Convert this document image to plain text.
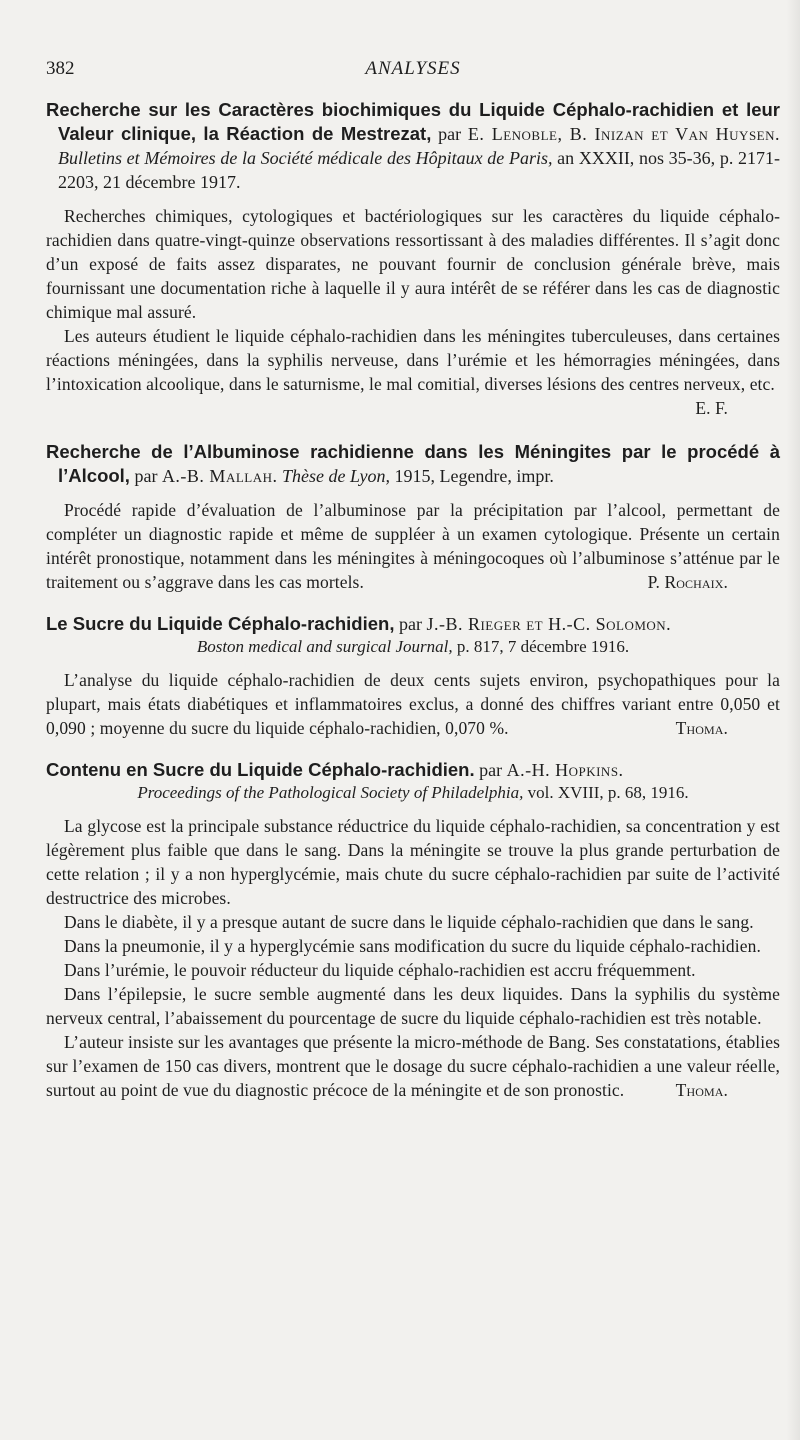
382	ANALYSES
Recherche sur les Caractères biochimiques du Liquide Céphalo-rachidien et leur Valeur clinique, la Réaction de Mestrezat, par E. Lenoble, B. Inizan et Van Huysen. Bulletins et Mémoires de la Société médicale des Hôpitaux de Paris, an XXXII, nos 35-36, p. 2171-2203, 21 décembre 1917.

Recherches chimiques, cytologiques et bactériologiques sur les caractères du liquide céphalo-rachidien dans quatre-vingt-quinze observations ressortissant à des maladies différentes. Il s’agit donc d’un exposé de faits assez disparates, ne pouvant fournir de conclusion générale brève, mais fournissant une documentation riche à laquelle il y aura intérêt de se référer dans les cas de diagnostic chimique mal assuré.

Les auteurs étudient le liquide céphalo-rachidien dans les méningites tuberculeuses, dans certaines réactions méningées, dans la syphilis nerveuse, dans l’urémie et les hémorragies méningées, dans l’intoxication alcoolique, dans le saturnisme, le mal comitial, diverses lésions des centres nerveux, etc.
E. F.

Recherche de l’Albuminose rachidienne dans les Méningites par le procédé à l’Alcool, par A.-B. Mallah. Thèse de Lyon, 1915, Legendre, impr.

Procédé rapide d’évaluation de l’albuminose par la précipitation par l’alcool, permettant de compléter un diagnostic rapide et même de suppléer à un examen cytologique. Présente un certain intérêt pronostique, notamment dans les méningites à méningocoques où l’albuminose s’atténue par le traitement ou s’aggrave dans les cas mortels.	P. Rochaix.

Le Sucre du Liquide Céphalo-rachidien, par J.-B. Rieger et H.-C. Solomon.
Boston medical and surgical Journal, p. 817, 7 décembre 1916.

L’analyse du liquide céphalo-rachidien de deux cents sujets environ, psychopathiques pour la plupart, mais états diabétiques et inflammatoires exclus, a donné des chiffres variant entre 0,050 et 0,090 ; moyenne du sucre du liquide céphalo-rachidien, 0,070 %.	Thoma.

Contenu en Sucre du Liquide Céphalo-rachidien. par A.-H. Hopkins.
Proceedings of the Pathological Society of Philadelphia, vol. XVIII, p. 68, 1916.

La glycose est la principale substance réductrice du liquide céphalo-rachidien, sa concentration y est légèrement plus faible que dans le sang. Dans la méningite se trouve la plus grande perturbation de cette relation ; il y a non hyperglycémie, mais chute du sucre céphalo-rachidien par suite de l’activité destructrice des microbes.

Dans le diabète, il y a presque autant de sucre dans le liquide céphalo-rachidien que dans le sang.

Dans la pneumonie, il y a hyperglycémie sans modification du sucre du liquide céphalo-rachidien.

Dans l’urémie, le pouvoir réducteur du liquide céphalo-rachidien est accru fréquemment.

Dans l’épilepsie, le sucre semble augmenté dans les deux liquides. Dans la syphilis du système nerveux central, l’abaissement du pourcentage de sucre du liquide céphalo-rachidien est très notable.

L’auteur insiste sur les avantages que présente la micro-méthode de Bang. Ses constatations, établies sur l’examen de 150 cas divers, montrent que le dosage du sucre céphalo-rachidien a une valeur réelle, surtout au point de vue du diagnostic précoce de la méningite et de son pronostic.	Thoma.
